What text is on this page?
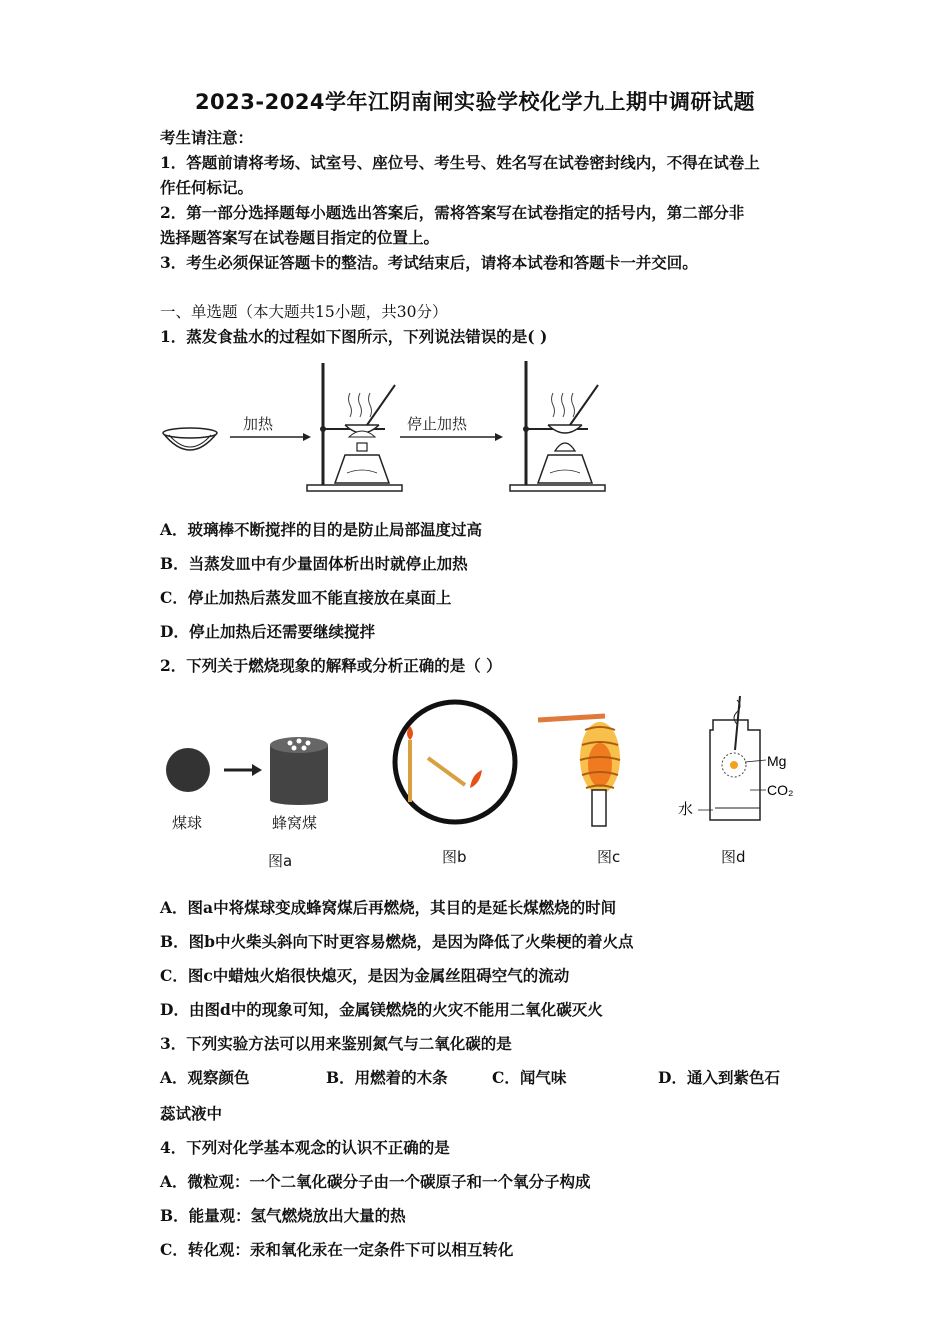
2023-2024学年江阴南闸实验学校化学九上期中调研试题
考生请注意：
1．答题前请将考场、试室号、座位号、考生号、姓名写在试卷密封线内，不得在试卷上
作任何标记。
2．第一部分选择题每小题选出答案后，需将答案写在试卷指定的括号内，第二部分非
选择题答案写在试卷题目指定的位置上。
3．考生必须保证答题卡的整洁。考试结束后，请将本试卷和答题卡一并交回。
一、单选题（本大题共15小题，共30分）
1．蒸发食盐水的过程如下图所示，下列说法错误的是( )
加热	停止加热
A．玻璃棒不断搅拌的目的是防止局部温度过高
B．当蒸发皿中有少量固体析出时就停止加热
C．停止加热后蒸发皿不能直接放在桌面上
D．停止加热后还需要继续搅拌
2．下列关于燃烧现象的解释或分析正确的是（ ）
Mg
CO₂
水
煤球	蜂窝煤
图a	图b	图c	图d
A．图a中将煤球变成蜂窝煤后再燃烧，其目的是延长煤燃烧的时间
B．图b中火柴头斜向下时更容易燃烧，是因为降低了火柴梗的着火点
C．图c中蜡烛火焰很快熄灭，是因为金属丝阻碍空气的流动
D．由图d中的现象可知，金属镁燃烧的火灾不能用二氧化碳灭火
3．下列实验方法可以用来鉴别氮气与二氧化碳的是
A．观察颜色	B．用燃着的木条	C．闻气味	D．通入到紫色石
蕊试液中
4．下列对化学基本观念的认识不正确的是
A．微粒观：一个二氧化碳分子由一个碳原子和一个氧分子构成
B．能量观：氢气燃烧放出大量的热
C．转化观：汞和氧化汞在一定条件下可以相互转化
